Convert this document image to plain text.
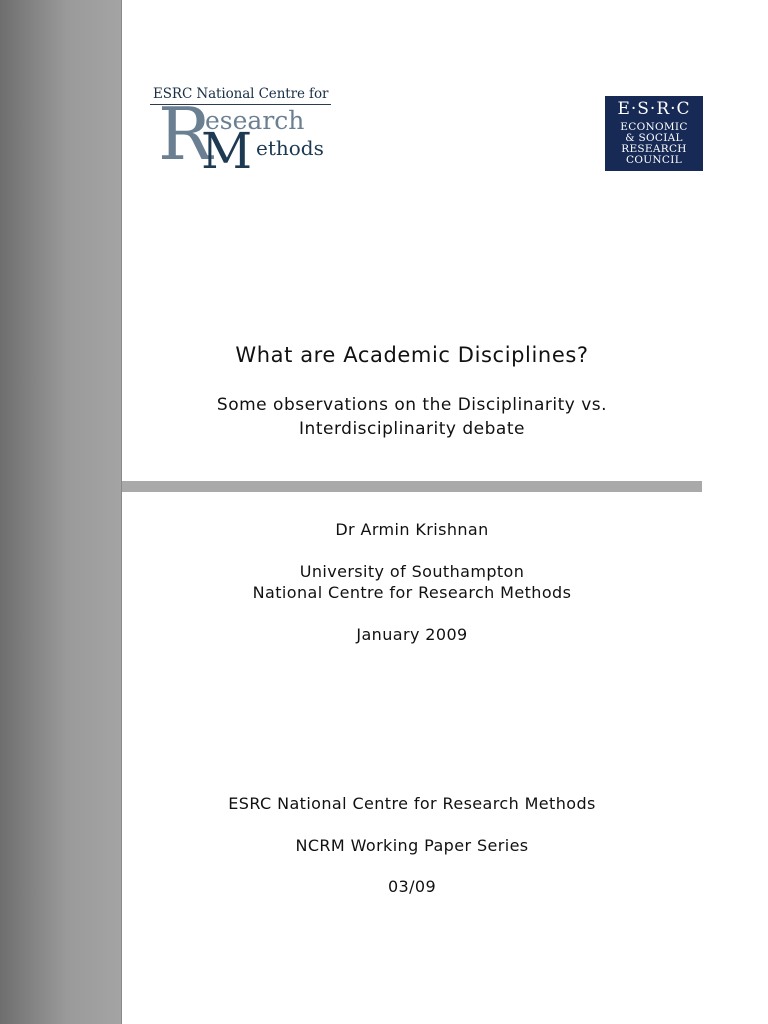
ESRC National Centre for
R
esearch
M ethods
E·S·R·C
ECONOMIC
& SOCIAL
RESEARCH
COUNCIL
What are Academic Disciplines?
Some observations on the Disciplinarity vs.
Interdisciplinarity debate
Dr Armin Krishnan
University of Southampton
National Centre for Research Methods
January 2009
ESRC National Centre for Research Methods
NCRM Working Paper Series
03/09
